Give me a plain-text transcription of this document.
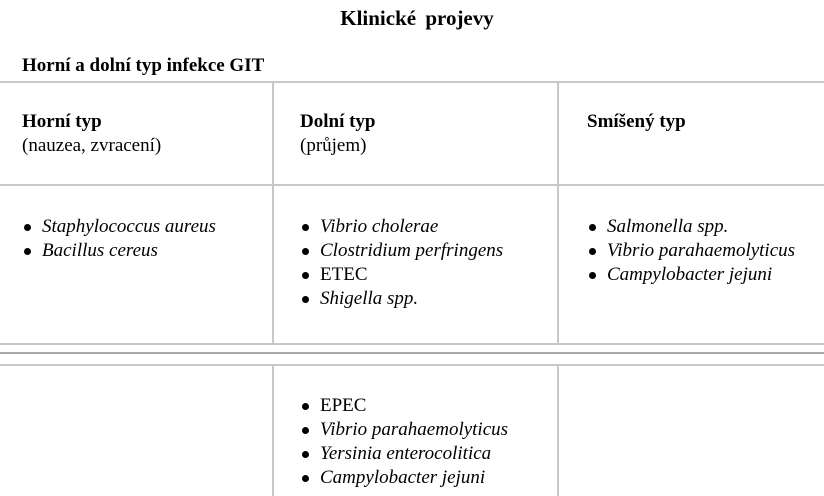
Klinické projevy
Horní a dolní typ infekce GIT
Horní typ
(nauzea, zvracení)
Dolní typ
(průjem)
Smíšený typ
Staphylococcus aureus
Bacillus cereus
Vibrio cholerae
Clostridium perfringens
ETEC
Shigella spp.
Salmonella spp.
Vibrio parahaemolyticus
Campylobacter jejuni
EPEC
Vibrio parahaemolyticus
Yersinia enterocolitica
Campylobacter jejuni
